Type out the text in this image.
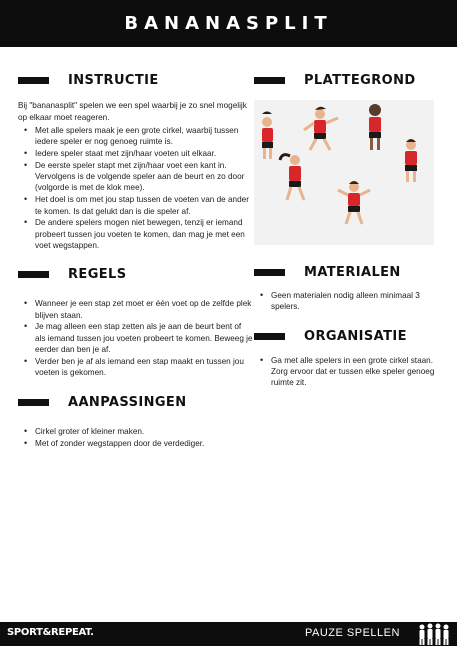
BANANASPLIT
INSTRUCTIE

Bij "bananasplit" spelen we een spel waarbij je zo snel mogelijk op elkaar moet reageren.

• Met alle spelers maak je een grote cirkel, waarbij tussen iedere speler er nog genoeg ruimte is.
• Iedere speler staat met zijn/haar voeten uit elkaar.
• De eerste speler stapt met zijn/haar voet een kant in. Vervolgens is de volgende speler aan de beurt en zo door (volgorde is met de klok mee).
• Het doel is om met jou stap tussen de voeten van de ander te komen. Is dat gelukt dan is die speler af.
• De andere spelers mogen niet bewegen, tenzij er iemand probeert tussen jou voeten te komen, dan mag je met een voet wegstappen.
REGELS
• Wanneer je een stap zet moet er één voet op de zelfde plek blijven staan.
• Je mag alleen een stap zetten als je aan de beurt bent of als iemand tussen jou voeten probeert te komen. Beweeg je eerder dan ben je af.
• Verder ben je af als iemand een stap maakt en tussen jou voeten is gekomen.
AANPASSINGEN
• Cirkel groter of kleiner maken.
• Met of zonder wegstappen door de verdediger.
PLATTEGROND
MATERIALEN
• Geen materialen nodig alleen minimaal 3 spelers.
ORGANISATIE
• Ga met alle spelers in een grote cirkel staan. Zorg ervoor dat er tussen elke speler genoeg ruimte zit.
SPORT&REPEAT.	PAUZE SPELLEN
